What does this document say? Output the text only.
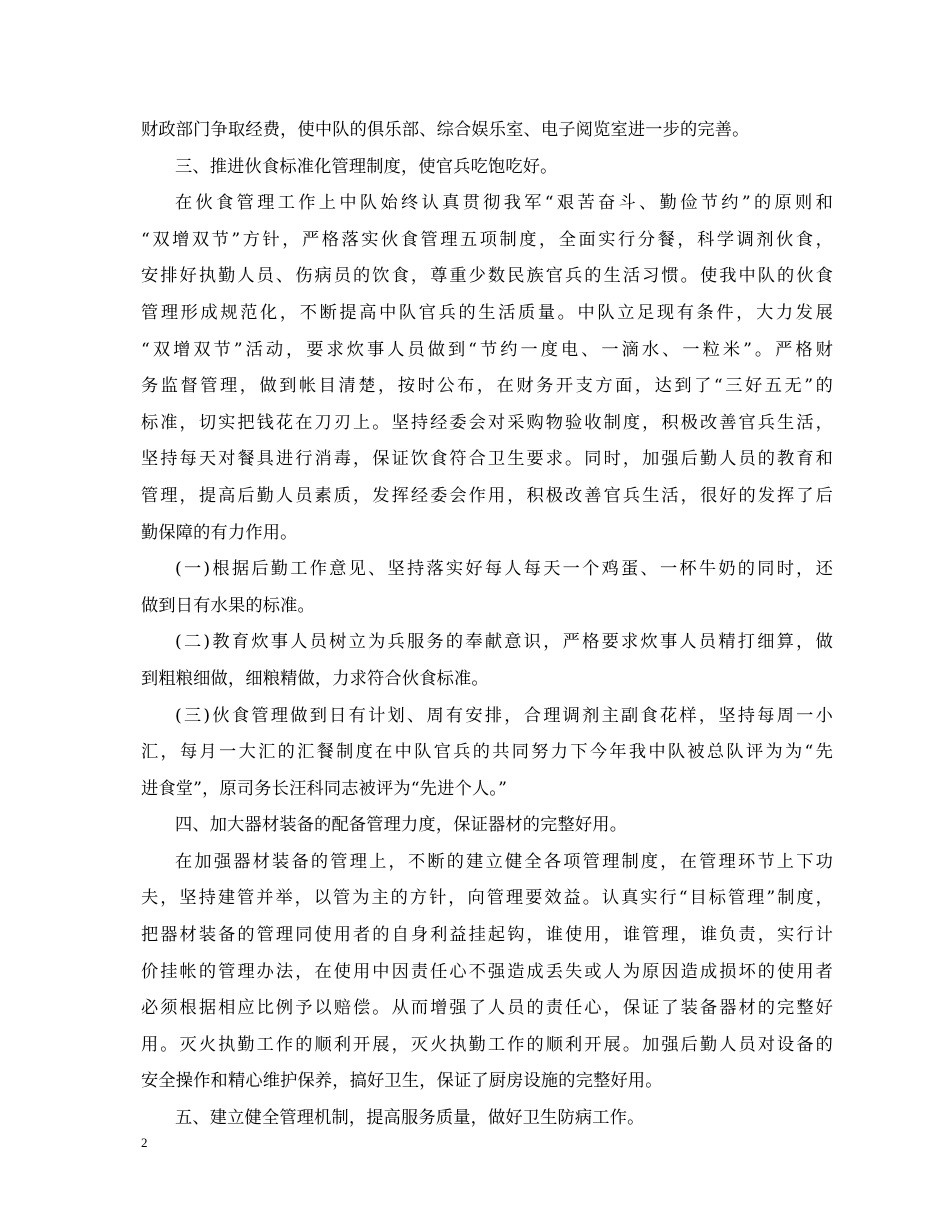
财政部门争取经费，使中队的俱乐部、综合娱乐室、电子阅览室进一步的完善。
三、推进伙食标准化管理制度，使官兵吃饱吃好。
在伙食管理工作上中队始终认真贯彻我军“艰苦奋斗、勤俭节约”的原则和
“双增双节”方针，严格落实伙食管理五项制度，全面实行分餐，科学调剂伙食，
安排好执勤人员、伤病员的饮食，尊重少数民族官兵的生活习惯。使我中队的伙食
管理形成规范化，不断提高中队官兵的生活质量。中队立足现有条件，大力发展
“双增双节”活动，要求炊事人员做到“节约一度电、一滴水、一粒米”。严格财
务监督管理，做到帐目清楚，按时公布，在财务开支方面，达到了“三好五无”的
标准，切实把钱花在刀刃上。坚持经委会对采购物验收制度，积极改善官兵生活，
坚持每天对餐具进行消毒，保证饮食符合卫生要求。同时，加强后勤人员的教育和
管理，提高后勤人员素质，发挥经委会作用，积极改善官兵生活，很好的发挥了后
勤保障的有力作用。
(一)根据后勤工作意见、坚持落实好每人每天一个鸡蛋、一杯牛奶的同时，还
做到日有水果的标准。
(二)教育炊事人员树立为兵服务的奉献意识，严格要求炊事人员精打细算，做
到粗粮细做，细粮精做，力求符合伙食标准。
(三)伙食管理做到日有计划、周有安排，合理调剂主副食花样，坚持每周一小
汇，每月一大汇的汇餐制度在中队官兵的共同努力下今年我中队被总队评为为“先
进食堂”，原司务长汪科同志被评为“先进个人。”
四、加大器材装备的配备管理力度，保证器材的完整好用。
在加强器材装备的管理上，不断的建立健全各项管理制度，在管理环节上下功
夫，坚持建管并举，以管为主的方针，向管理要效益。认真实行“目标管理”制度，
把器材装备的管理同使用者的自身利益挂起钩，谁使用，谁管理，谁负责，实行计
价挂帐的管理办法，在使用中因责任心不强造成丢失或人为原因造成损坏的使用者
必须根据相应比例予以赔偿。从而增强了人员的责任心，保证了装备器材的完整好
用。灭火执勤工作的顺利开展，灭火执勤工作的顺利开展。加强后勤人员对设备的
安全操作和精心维护保养，搞好卫生，保证了厨房设施的完整好用。
五、建立健全管理机制，提高服务质量，做好卫生防病工作。
2
